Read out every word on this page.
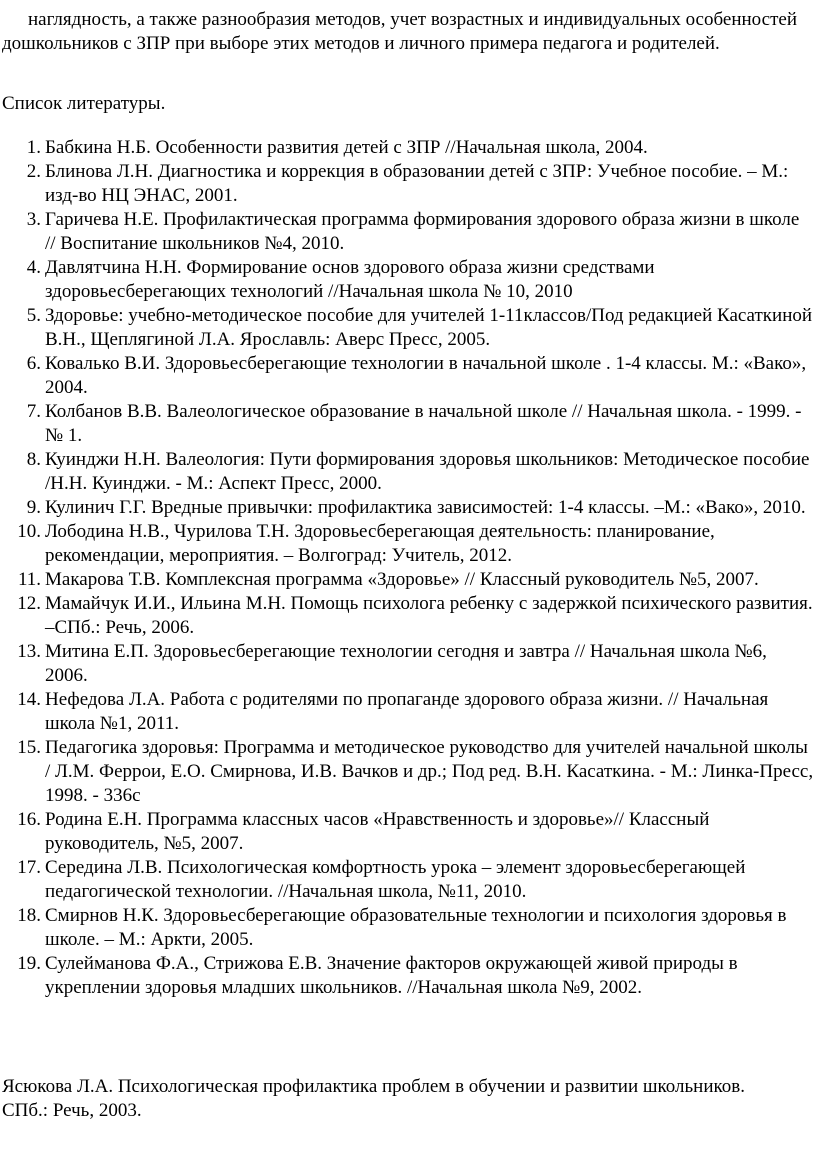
наглядность, а также разнообразия методов, учет возрастных и индивидуальных особенностей дошкольников с ЗПР при выборе этих методов и личного примера педагога и родителей.

Список литературы.

1. Бабкина Н.Б. Особенности развития детей с ЗПР //Начальная школа, 2004.
2. Блинова Л.Н. Диагностика и коррекция в образовании детей с ЗПР: Учебное пособие. – М.: изд-во НЦ ЭНАС, 2001.
3. Гаричева Н.Е. Профилактическая программа формирования здорового образа жизни в школе // Воспитание школьников №4, 2010.
4. Давлятчина Н.Н. Формирование основ здорового образа жизни средствами здоровьесберегающих технологий //Начальная школа № 10, 2010
5. Здоровье: учебно-методическое пособие для учителей 1-11классов/Под редакцией Касаткиной В.Н., Щеплягиной Л.А. Ярославль: Аверс Пресс, 2005.
6. Ковалько В.И. Здоровьесберегающие технологии в начальной школе . 1-4 классы. М.: «Вако», 2004.
7. Колбанов В.В. Валеологическое образование в начальной школе // Начальная школа. - 1999. - № 1.
8. Куинджи Н.Н. Валеология: Пути формирования здоровья школьников: Методическое пособие /Н.Н. Куинджи. - М.: Аспект Пресс, 2000.
9. Кулинич Г.Г. Вредные привычки: профилактика зависимостей: 1-4 классы. –М.: «Вако», 2010.
10. Лободина Н.В., Чурилова Т.Н. Здоровьесберегающая деятельность: планирование, рекомендации, мероприятия. – Волгоград: Учитель, 2012.
11. Макарова Т.В. Комплексная программа «Здоровье» // Классный руководитель №5, 2007.
12. Мамайчук И.И., Ильина М.Н. Помощь психолога ребенку с задержкой психического развития. –СПб.: Речь, 2006.
13. Митина Е.П. Здоровьесберегающие технологии сегодня и завтра // Начальная школа №6, 2006.
14. Нефедова Л.А. Работа с родителями по пропаганде здорового образа жизни. // Начальная школа №1, 2011.
15. Педагогика здоровья: Программа и методическое руководство для учителей начальной школы / Л.М. Феррои, Е.О. Смирнова, И.В. Вачков и др.; Под ред. В.Н. Касаткина. - М.: Линка-Пресс, 1998. - 336с
16. Родина Е.Н. Программа классных часов «Нравственность и здоровье»// Классный руководитель, №5, 2007.
17. Середина Л.В. Психологическая комфортность урока – элемент здоровьесберегающей педагогической технологии. //Начальная школа, №11, 2010.
18. Смирнов Н.К. Здоровьесберегающие образовательные технологии и психология здоровья в школе. – М.: Аркти, 2005.
19. Сулейманова Ф.А., Стрижова Е.В. Значение факторов окружающей живой природы в укреплении здоровья младших школьников. //Начальная школа №9, 2002.

Ясюкова Л.А. Психологическая профилактика проблем в обучении и развитии школьников. СПб.: Речь, 2003.
